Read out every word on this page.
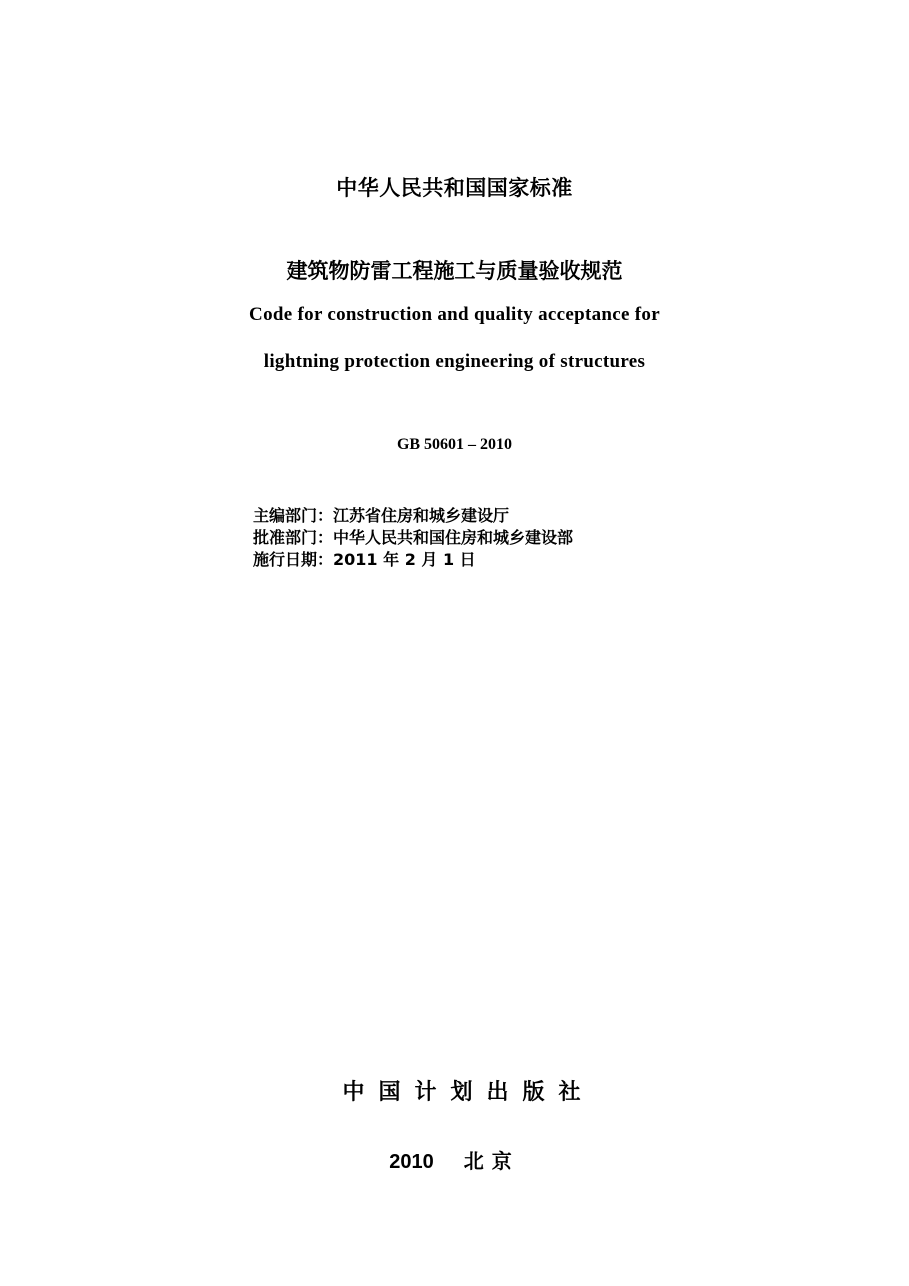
中华人民共和国国家标准
建筑物防雷工程施工与质量验收规范
Code for construction and quality acceptance for
lightning protection engineering of structures
GB 50601 – 2010
主编部门：江苏省住房和城乡建设厅
批准部门：中华人民共和国住房和城乡建设部
施行日期：2011 年 2 月 1 日
中国计划出版社
2010 北京
